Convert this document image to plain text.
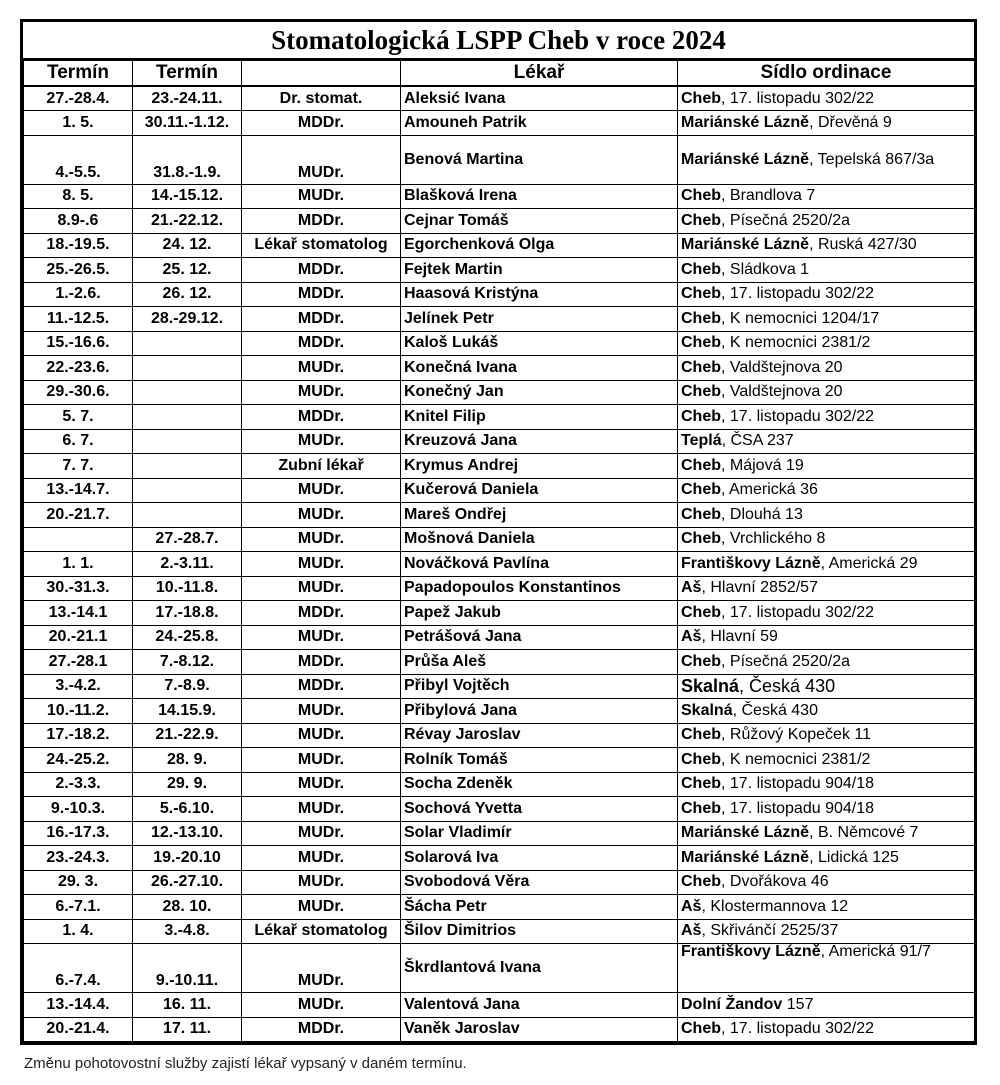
Stomatologická LSPP Cheb v roce 2024
Termín	Termín		Lékař	Sídlo ordinace
27.-28.4.	23.-24.11.	Dr. stomat.	Aleksić Ivana	Cheb, 17. listopadu 302/22
1. 5.	30.11.-1.12.	MDDr.	Amouneh Patrik	Mariánské Lázně, Dřevěná 9
4.-5.5.	31.8.-1.9.	MUDr.	Benová Martina	Mariánské Lázně, Tepelská 867/3a
8. 5.	14.-15.12.	MUDr.	Blašková Irena	Cheb, Brandlova 7
8.9-.6	21.-22.12.	MDDr.	Cejnar Tomáš	Cheb, Písečná 2520/2a
18.-19.5.	24. 12.	Lékař stomatolog	Egorchenková Olga	Mariánské Lázně, Ruská 427/30
25.-26.5.	25. 12.	MDDr.	Fejtek Martin	Cheb, Sládkova 1
1.-2.6.	26. 12.	MDDr.	Haasová Kristýna	Cheb, 17. listopadu 302/22
11.-12.5.	28.-29.12.	MDDr.	Jelínek Petr	Cheb, K nemocnici 1204/17
15.-16.6.		MDDr.	Kaloš Lukáš	Cheb, K nemocnici 2381/2
22.-23.6.		MUDr.	Konečná Ivana	Cheb, Valdštejnova 20
29.-30.6.		MUDr.	Konečný Jan	Cheb, Valdštejnova 20
5. 7.		MDDr.	Knitel Filip	Cheb, 17. listopadu 302/22
6. 7.		MUDr.	Kreuzová Jana	Teplá, ČSA 237
7. 7.		Zubní lékař	Krymus Andrej	Cheb, Májová 19
13.-14.7.		MUDr.	Kučerová Daniela	Cheb, Americká 36
20.-21.7.		MUDr.	Mareš Ondřej	Cheb, Dlouhá 13
	27.-28.7.	MUDr.	Mošnová Daniela	Cheb, Vrchlického 8
1. 1.	2.-3.11.	MUDr.	Nováčková Pavlína	Františkovy Lázně, Americká 29
30.-31.3.	10.-11.8.	MUDr.	Papadopoulos Konstantinos	Aš, Hlavní 2852/57
13.-14.1	17.-18.8.	MDDr.	Papež Jakub	Cheb, 17. listopadu 302/22
20.-21.1	24.-25.8.	MUDr.	Petrášová Jana	Aš, Hlavní 59
27.-28.1	7.-8.12.	MDDr.	Průša Aleš	Cheb, Písečná 2520/2a
3.-4.2.	7.-8.9.	MDDr.	Přibyl Vojtěch	Skalná, Česká 430
10.-11.2.	14.15.9.	MUDr.	Přibylová Jana	Skalná, Česká 430
17.-18.2.	21.-22.9.	MUDr.	Révay Jaroslav	Cheb, Růžový Kopeček 11
24.-25.2.	28. 9.	MUDr.	Rolník Tomáš	Cheb, K nemocnici 2381/2
2.-3.3.	29. 9.	MUDr.	Socha Zdeněk	Cheb, 17. listopadu 904/18
9.-10.3.	5.-6.10.	MUDr.	Sochová Yvetta	Cheb, 17. listopadu 904/18
16.-17.3.	12.-13.10.	MUDr.	Solar Vladimír	Mariánské Lázně, B. Němcové 7
23.-24.3.	19.-20.10	MUDr.	Solarová Iva	Mariánské Lázně, Lidická 125
29. 3.	26.-27.10.	MUDr.	Svobodová Věra	Cheb, Dvořákova 46
6.-7.1.	28. 10.	MUDr.	Šácha Petr	Aš, Klostermannova 12
1. 4.	3.-4.8.	Lékař stomatolog	Šilov Dimitrios	Aš, Skřivánčí 2525/37
6.-7.4.	9.-10.11.	MUDr.	Škrdlantová Ivana	Františkovy Lázně, Americká 91/7
13.-14.4.	16. 11.	MUDr.	Valentová Jana	Dolní Žandov 157
20.-21.4.	17. 11.	MDDr.	Vaněk Jaroslav	Cheb, 17. listopadu 302/22
Změnu pohotovostní služby zajistí lékař vypsaný v daném termínu.
